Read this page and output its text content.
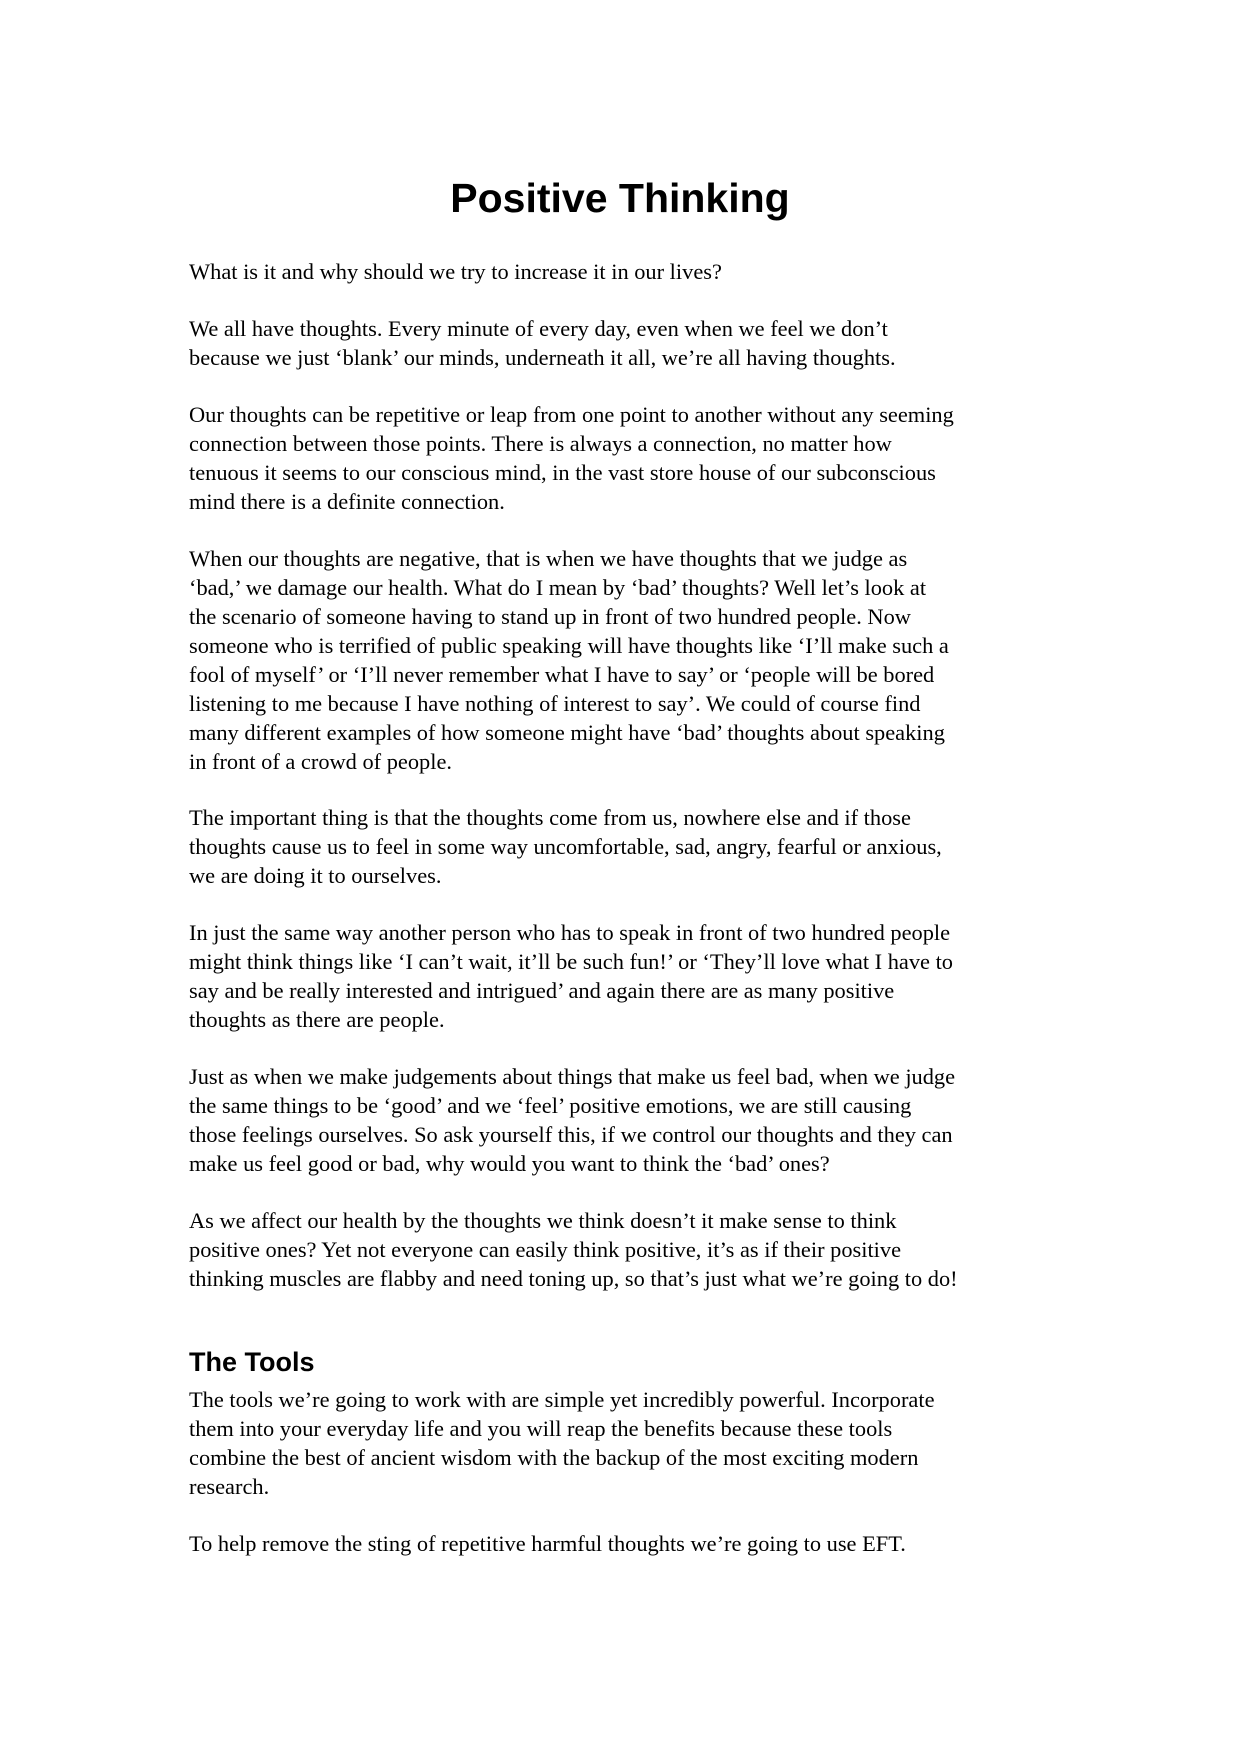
Positive Thinking

What is it and why should we try to increase it in our lives?

We all have thoughts. Every minute of every day, even when we feel we don’t
because we just ‘blank’ our minds, underneath it all, we’re all having thoughts.

Our thoughts can be repetitive or leap from one point to another without any seeming
connection between those points. There is always a connection, no matter how
tenuous it seems to our conscious mind, in the vast store house of our subconscious
mind there is a definite connection.

When our thoughts are negative, that is when we have thoughts that we judge as
‘bad,’ we damage our health. What do I mean by ‘bad’ thoughts? Well let’s look at
the scenario of someone having to stand up in front of two hundred people. Now
someone who is terrified of public speaking will have thoughts like ‘I’ll make such a
fool of myself’ or ‘I’ll never remember what I have to say’ or ‘people will be bored
listening to me because I have nothing of interest to say’. We could of course find
many different examples of how someone might have ‘bad’ thoughts about speaking
in front of a crowd of people.

The important thing is that the thoughts come from us, nowhere else and if those
thoughts cause us to feel in some way uncomfortable, sad, angry, fearful or anxious,
we are doing it to ourselves.

In just the same way another person who has to speak in front of two hundred people
might think things like ‘I can’t wait, it’ll be such fun!’ or ‘They’ll love what I have to
say and be really interested and intrigued’ and again there are as many positive
thoughts as there are people.

Just as when we make judgements about things that make us feel bad, when we judge
the same things to be ‘good’ and we ‘feel’ positive emotions, we are still causing
those feelings ourselves. So ask yourself this, if we control our thoughts and they can
make us feel good or bad, why would you want to think the ‘bad’ ones?

As we affect our health by the thoughts we think doesn’t it make sense to think
positive ones? Yet not everyone can easily think positive, it’s as if their positive
thinking muscles are flabby and need toning up, so that’s just what we’re going to do!

The Tools

The tools we’re going to work with are simple yet incredibly powerful. Incorporate
them into your everyday life and you will reap the benefits because these tools
combine the best of ancient wisdom with the backup of the most exciting modern
research.

To help remove the sting of repetitive harmful thoughts we’re going to use EFT.
